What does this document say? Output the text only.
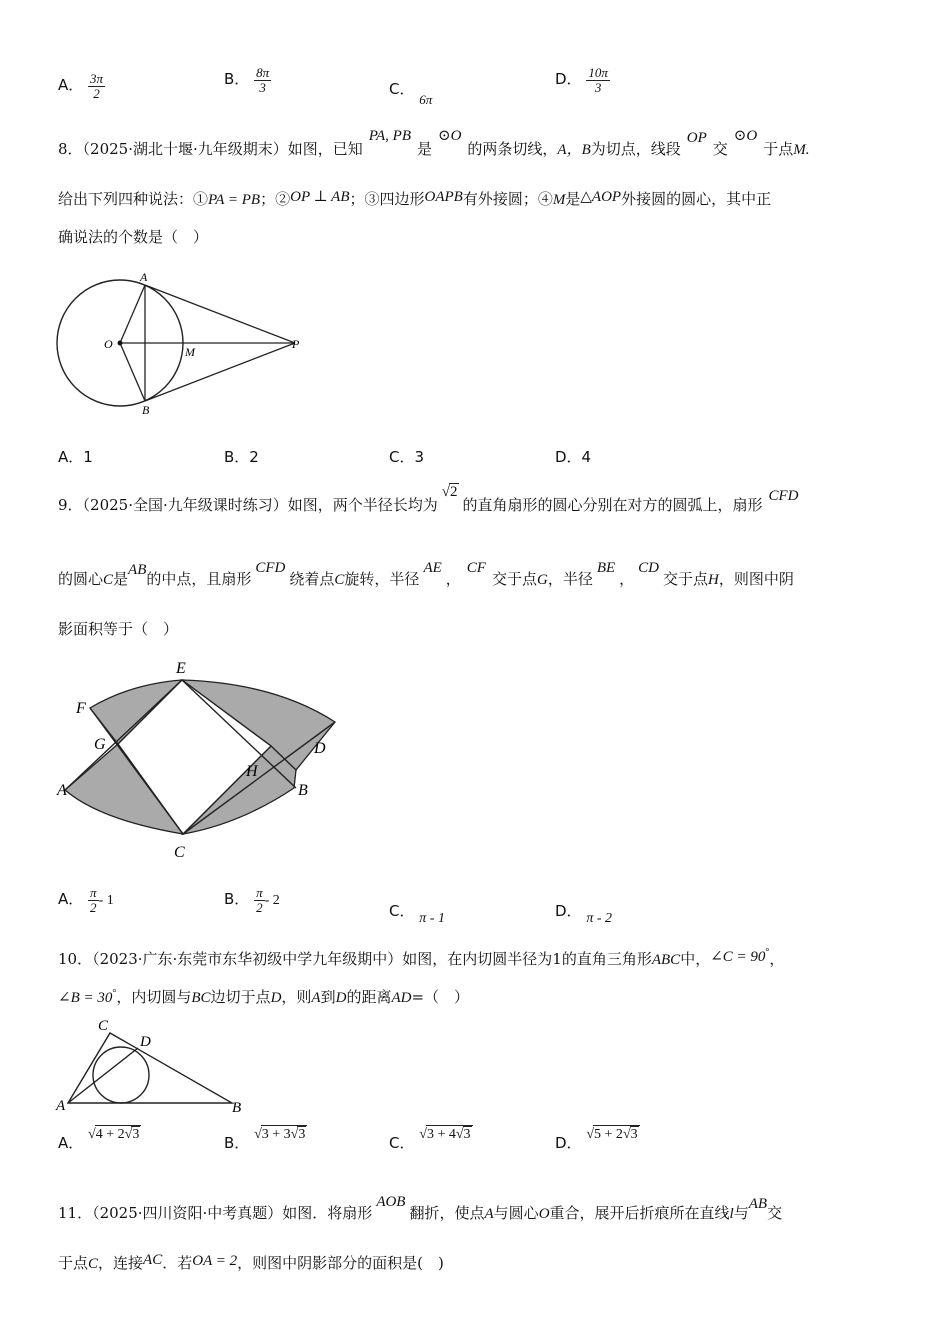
A． $\frac{3\pi}{2}$	B． $\frac{8\pi}{3}$	C． 6π
D． $\frac{10\pi}{3}$
8．（2025·湖北十堰·九年级期末）如图，已知PA, PB是⊙O的两条切线，A，B为切点，线段OP交⊙O于点M.
给出下列四种说法：①PA = PB；②OP ⊥ AB；③四边形OAPB有外接圆；④M是△AOP外接圆的圆心，其中正
确说法的个数是（　）
A
B
O
M
P
A．1	B．2	C．3	D．4
9．（2025·全国·九年级课时练习）如图，两个半径长均为√2的直角扇形的圆心分别在对方的圆弧上，扇形 CFD
的圆心C是AB的中点，且扇形CFD绕着点C旋转，半径AE，CF交于点G，半径BE，CD交于点H，则图中阴
影面积等于（　）
E
F
G	D
H
A	B
C
A． $\frac{\pi}{2} - 1$	B． $\frac{\pi}{2} - 2$
C． π - 1	D． π - 2
10．（2023·广东·东莞市东华初级中学九年级期中）如图，在内切圆半径为1的直角三角形ABC中，∠C = 90°，
∠B = 30°，内切圆与BC边切于点D，则A到D的距离AD=（　）
C
D
A	B
A． √4 + 2√3	B． √3 + 3√3	C． √3 + 4√3	D． √5 + 2√3
11．（2025·四川资阳·中考真题）如图．将扇形AOB翻折，使点A与圆心O重合，展开后折痕所在直线l与AB交
于点C，连接AC．若OA = 2，则图中阴影部分的面积是(　)
